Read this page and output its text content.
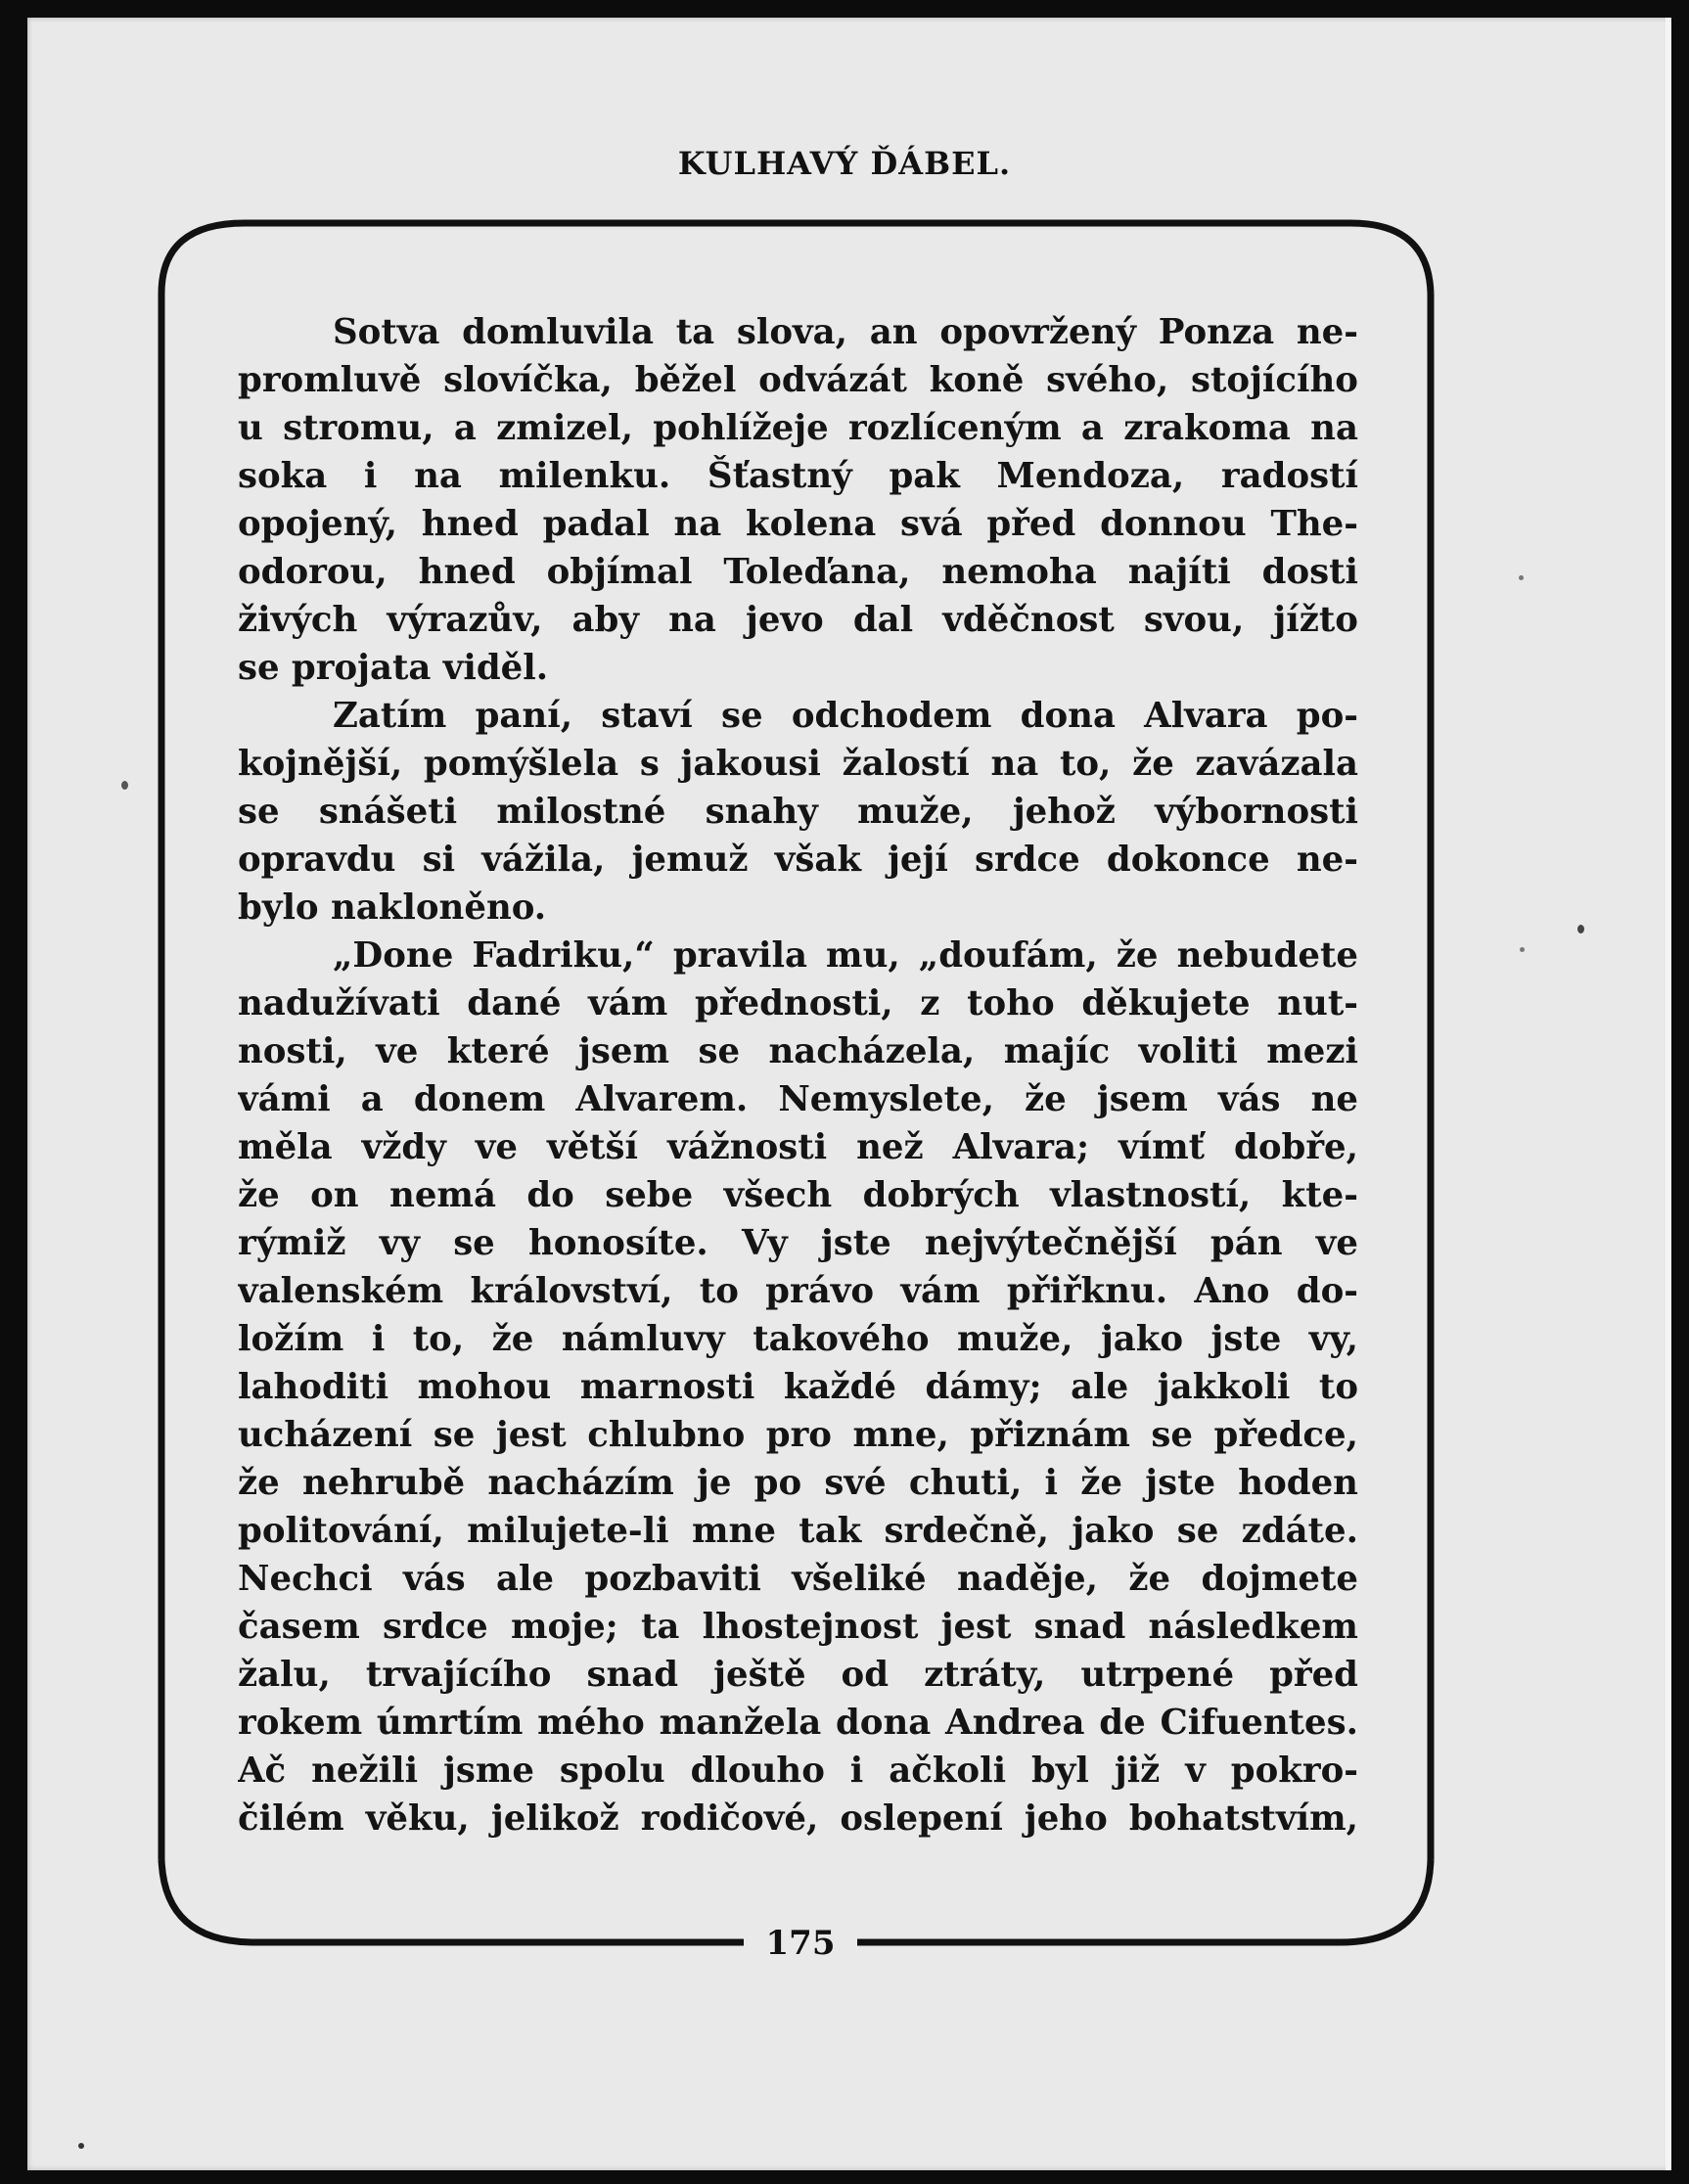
KULHAVÝ ĎÁBEL.
Sotva domluvila ta slova, an opovržený Ponza ne-
promluvě slovíčka, běžel odvázát koně svého, stojícího
u stromu, a zmizel, pohlížeje rozlíceným a zrakoma na
soka i na milenku. Šťastný pak Mendoza, radostí
opojený, hned padal na kolena svá před donnou The-
odorou, hned objímal Toleďana, nemoha najíti dosti
živých výrazův, aby na jevo dal vděčnost svou, jížto
se projata viděl.
Zatím paní, staví se odchodem dona Alvara po-
kojnější, pomýšlela s jakousi žalostí na to, že zavázala
se snášeti milostné snahy muže, jehož výbornosti
opravdu si vážila, jemuž však její srdce dokonce ne-
bylo nakloněno.
„Done Fadriku,“ pravila mu, „doufám, že nebudete
nadužívati dané vám přednosti, z toho děkujete nut-
nosti, ve které jsem se nacházela, majíc voliti mezi
vámi a donem Alvarem. Nemyslete, že jsem vás ne
měla vždy ve větší vážnosti než Alvara; vímť dobře,
že on nemá do sebe všech dobrých vlastností, kte-
rýmiž vy se honosíte. Vy jste nejvýtečnější pán ve
valenském království, to právo vám přiřknu. Ano do-
ložím i to, že námluvy takového muže, jako jste vy,
lahoditi mohou marnosti každé dámy; ale jakkoli to
ucházení se jest chlubno pro mne, přiznám se předce,
že nehrubě nacházím je po své chuti, i že jste hoden
politování, milujete-li mne tak srdečně, jako se zdáte.
Nechci vás ale pozbaviti všeliké naděje, že dojmete
časem srdce moje; ta lhostejnost jest snad následkem
žalu, trvajícího snad ještě od ztráty, utrpené před
rokem úmrtím mého manžela dona Andrea de Cifuentes.
Ač nežili jsme spolu dlouho i ačkoli byl již v pokro-
čilém věku, jelikož rodičové, oslepení jeho bohatstvím,
175
